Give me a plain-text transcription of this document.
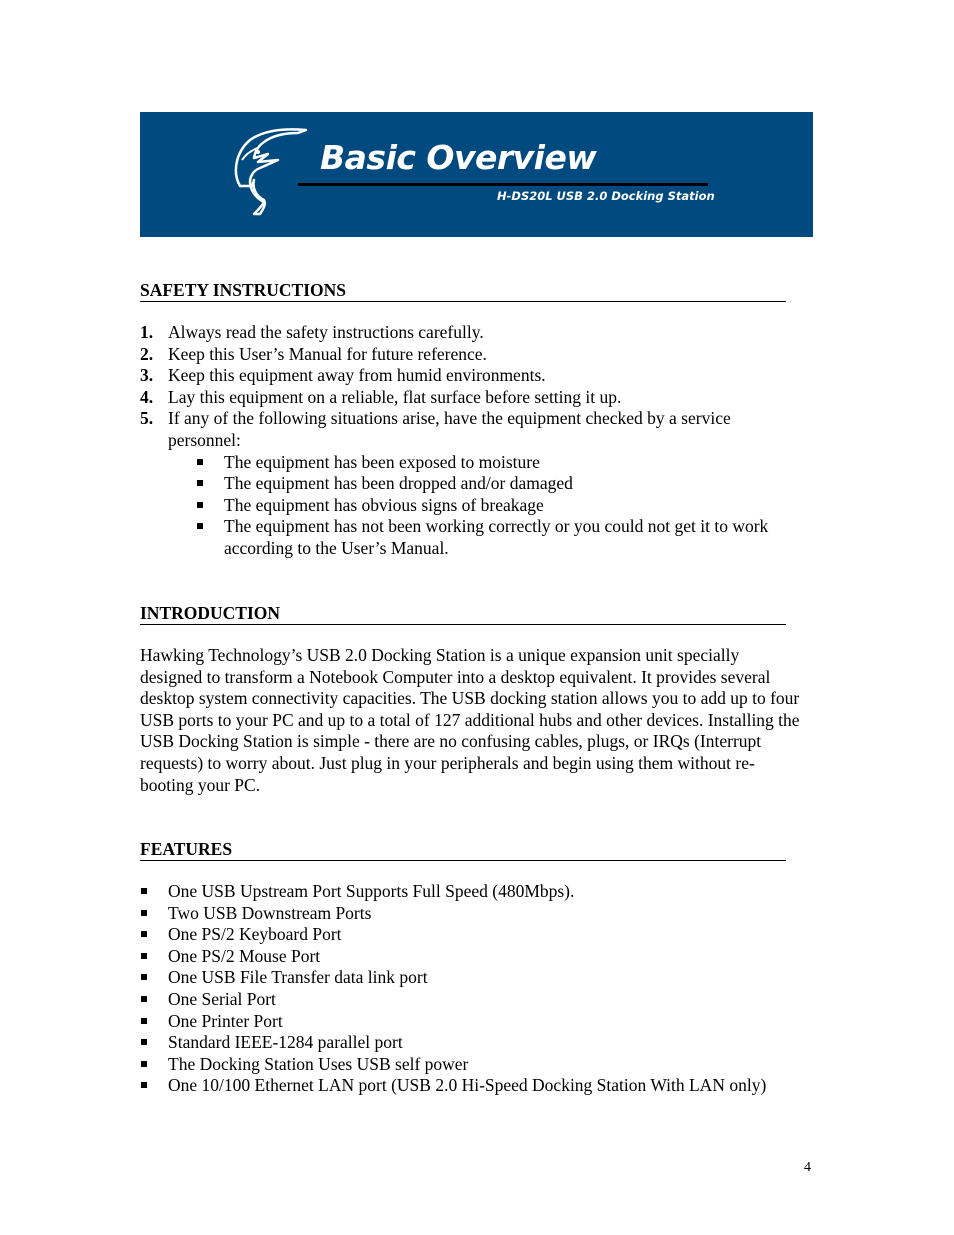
Basic Overview
H-DS20L USB 2.0 Docking Station
SAFETY INSTRUCTIONS
1. Always read the safety instructions carefully.
2. Keep this User’s Manual for future reference.
3. Keep this equipment away from humid environments.
4. Lay this equipment on a reliable, flat surface before setting it up.
5. If any of the following situations arise, have the equipment checked by a service personnel:
The equipment has been exposed to moisture
The equipment has been dropped and/or damaged
The equipment has obvious signs of breakage
The equipment has not been working correctly or you could not get it to work according to the User’s Manual.
INTRODUCTION

Hawking Technology’s USB 2.0 Docking Station is a unique expansion unit specially designed to transform a Notebook Computer into a desktop equivalent. It provides several desktop system connectivity capacities. The USB docking station allows you to add up to four USB ports to your PC and up to a total of 127 additional hubs and other devices. Installing the USB Docking Station is simple - there are no confusing cables, plugs, or IRQs (Interrupt requests) to worry about. Just plug in your peripherals and begin using them without re-booting your PC.

FEATURES
One USB Upstream Port Supports Full Speed (480Mbps).
Two USB Downstream Ports
One PS/2 Keyboard Port
One PS/2 Mouse Port
One USB File Transfer data link port
One Serial Port
One Printer Port
Standard IEEE-1284 parallel port
The Docking Station Uses USB self power
One 10/100 Ethernet LAN port (USB 2.0 Hi-Speed Docking Station With LAN only)
4
